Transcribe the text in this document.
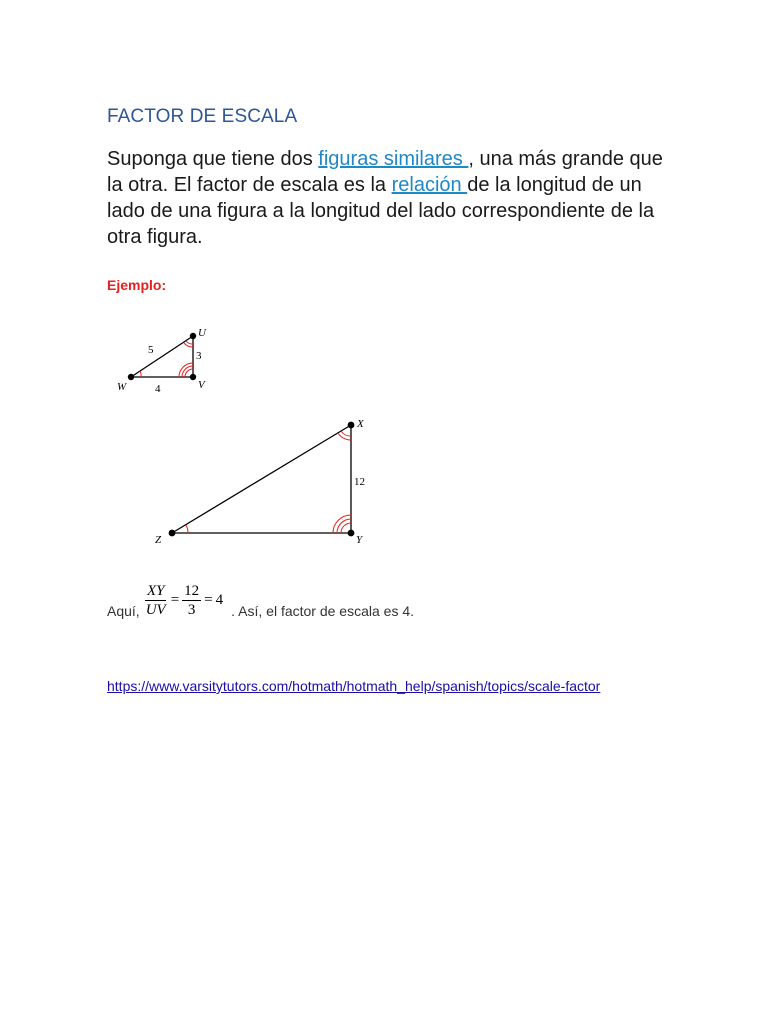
FACTOR DE ESCALA

Suponga que tiene dos figuras similares , una más grande que la otra. El factor de escala es la relación de la longitud de un lado de una figura a la longitud del lado correspondiente de la otra figura.

Ejemplo:
U
V
W
5	3
4
X
Y
Z
12
Aquí, $\frac{XY}{UV} = \frac{12}{3} = 4$
. Así, el factor de escala es 4.
https://www.varsitytutors.com/hotmath/hotmath_help/spanish/topics/scale-factor
